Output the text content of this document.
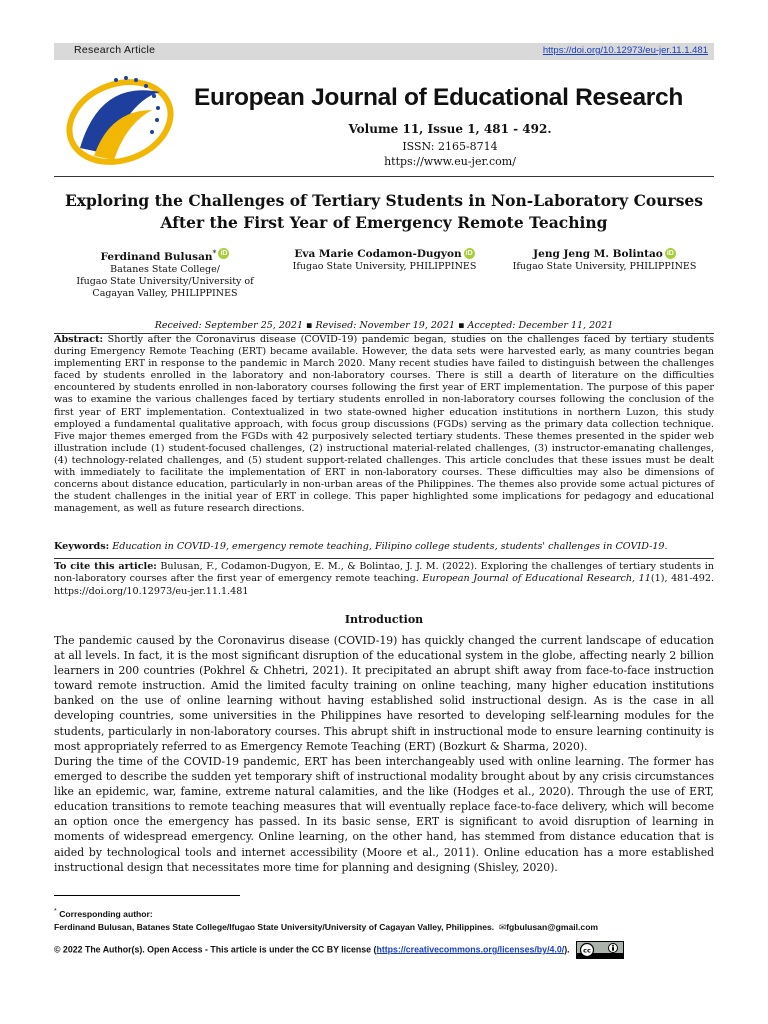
Research Article	https://doi.org/10.12973/eu-jer.11.1.481
European Journal of Educational Research
Volume 11, Issue 1, 481 - 492.
ISSN: 2165-8714
https://www.eu-jer.com/
Exploring the Challenges of Tertiary Students in Non-Laboratory Courses
After the First Year of Emergency Remote Teaching
Ferdinand Bulusan* iD
Batanes State College/
Ifugao State University/University of
Cagayan Valley, PHILIPPINES
Eva Marie Codamon-Dugyon iD
Ifugao State University, PHILIPPINES
Jeng Jeng M. Bolintao iD
Ifugao State University, PHILIPPINES
Received: September 25, 2021 ▪ Revised: November 19, 2021 ▪ Accepted: December 11, 2021
Abstract: Shortly after the Coronavirus disease (COVID-19) pandemic began, studies on the challenges faced by tertiary students during Emergency Remote Teaching (ERT) became available. However, the data sets were harvested early, as many countries began implementing ERT in response to the pandemic in March 2020. Many recent studies have failed to distinguish between the challenges faced by students enrolled in the laboratory and non-laboratory courses. There is still a dearth of literature on the difficulties encountered by students enrolled in non-laboratory courses following the first year of ERT implementation. The purpose of this paper was to examine the various challenges faced by tertiary students enrolled in non-laboratory courses following the conclusion of the first year of ERT implementation. Contextualized in two state-owned higher education institutions in northern Luzon, this study employed a fundamental qualitative approach, with focus group discussions (FGDs) serving as the primary data collection technique. Five major themes emerged from the FGDs with 42 purposively selected tertiary students. These themes presented in the spider web illustration include (1) student-focused challenges, (2) instructional material-related challenges, (3) instructor-emanating challenges, (4) technology-related challenges, and (5) student support-related challenges. This article concludes that these issues must be dealt with immediately to facilitate the implementation of ERT in non-laboratory courses. These difficulties may also be dimensions of concerns about distance education, particularly in non-urban areas of the Philippines. The themes also provide some actual pictures of the student challenges in the initial year of ERT in college. This paper highlighted some implications for pedagogy and educational management, as well as future research directions.
Keywords: Education in COVID-19, emergency remote teaching, Filipino college students, students' challenges in COVID-19.
To cite this article: Bulusan, F., Codamon-Dugyon, E. M., & Bolintao, J. J. M. (2022). Exploring the challenges of tertiary students in non-laboratory courses after the first year of emergency remote teaching. European Journal of Educational Research, 11(1), 481-492. https://doi.org/10.12973/eu-jer.11.1.481
Introduction
The pandemic caused by the Coronavirus disease (COVID-19) has quickly changed the current landscape of education at all levels. In fact, it is the most significant disruption of the educational system in the globe, affecting nearly 2 billion learners in 200 countries (Pokhrel & Chhetri, 2021). It precipitated an abrupt shift away from face-to-face instruction toward remote instruction. Amid the limited faculty training on online teaching, many higher education institutions banked on the use of online learning without having established solid instructional design. As is the case in all developing countries, some universities in the Philippines have resorted to developing self-learning modules for the students, particularly in non-laboratory courses. This abrupt shift in instructional mode to ensure learning continuity is most appropriately referred to as Emergency Remote Teaching (ERT) (Bozkurt & Sharma, 2020).
During the time of the COVID-19 pandemic, ERT has been interchangeably used with online learning. The former has emerged to describe the sudden yet temporary shift of instructional modality brought about by any crisis circumstances like an epidemic, war, famine, extreme natural calamities, and the like (Hodges et al., 2020). Through the use of ERT, education transitions to remote teaching measures that will eventually replace face-to-face delivery, which will become an option once the emergency has passed. In its basic sense, ERT is significant to avoid disruption of learning in moments of widespread emergency. Online learning, on the other hand, has stemmed from distance education that is aided by technological tools and internet accessibility (Moore et al., 2011). Online education has a more established instructional design that necessitates more time for planning and designing (Shisley, 2020).
* Corresponding author:
Ferdinand Bulusan, Batanes State College/Ifugao State University/University of Cagayan Valley, Philippines. ✉fgbulusan@gmail.com
© 2022 The Author(s). Open Access - This article is under the CC BY license (https://creativecommons.org/licenses/by/4.0/). cc
